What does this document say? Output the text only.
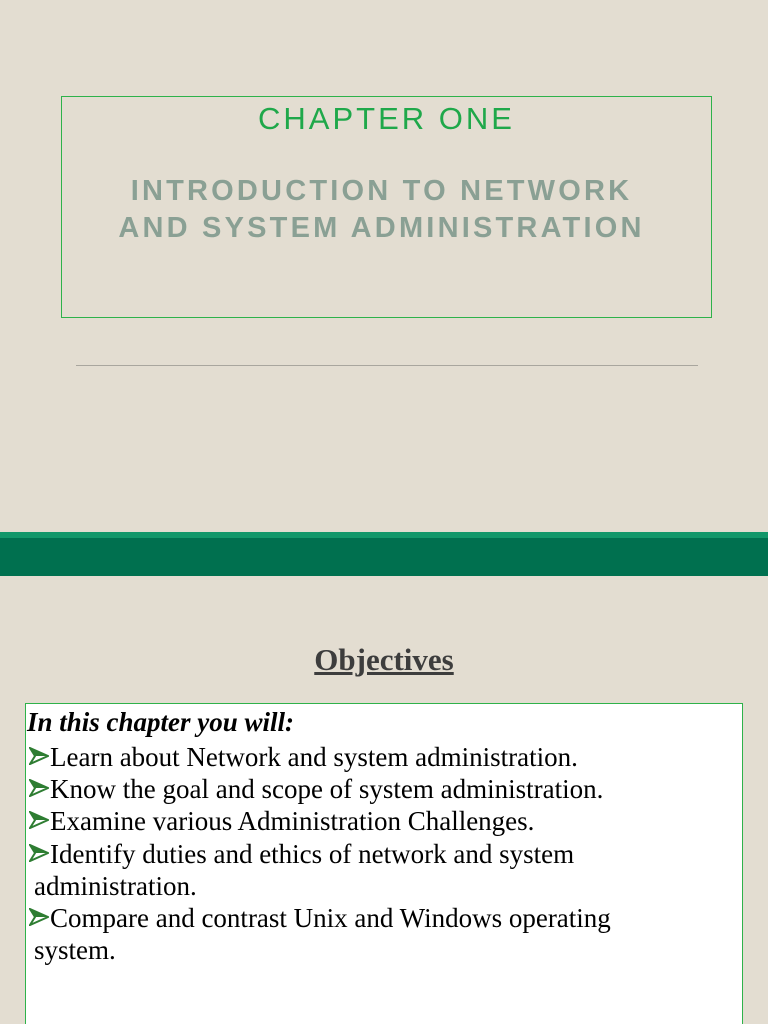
CHAPTER ONE
INTRODUCTION TO NETWORK
AND SYSTEM ADMINISTRATION
Objectives

In this chapter you will:

Learn about Network and system administration.
Know the goal and scope of system administration.
Examine various Administration Challenges.
Identify duties and ethics of network and system
administration.
Compare and contrast Unix and Windows operating
system.
